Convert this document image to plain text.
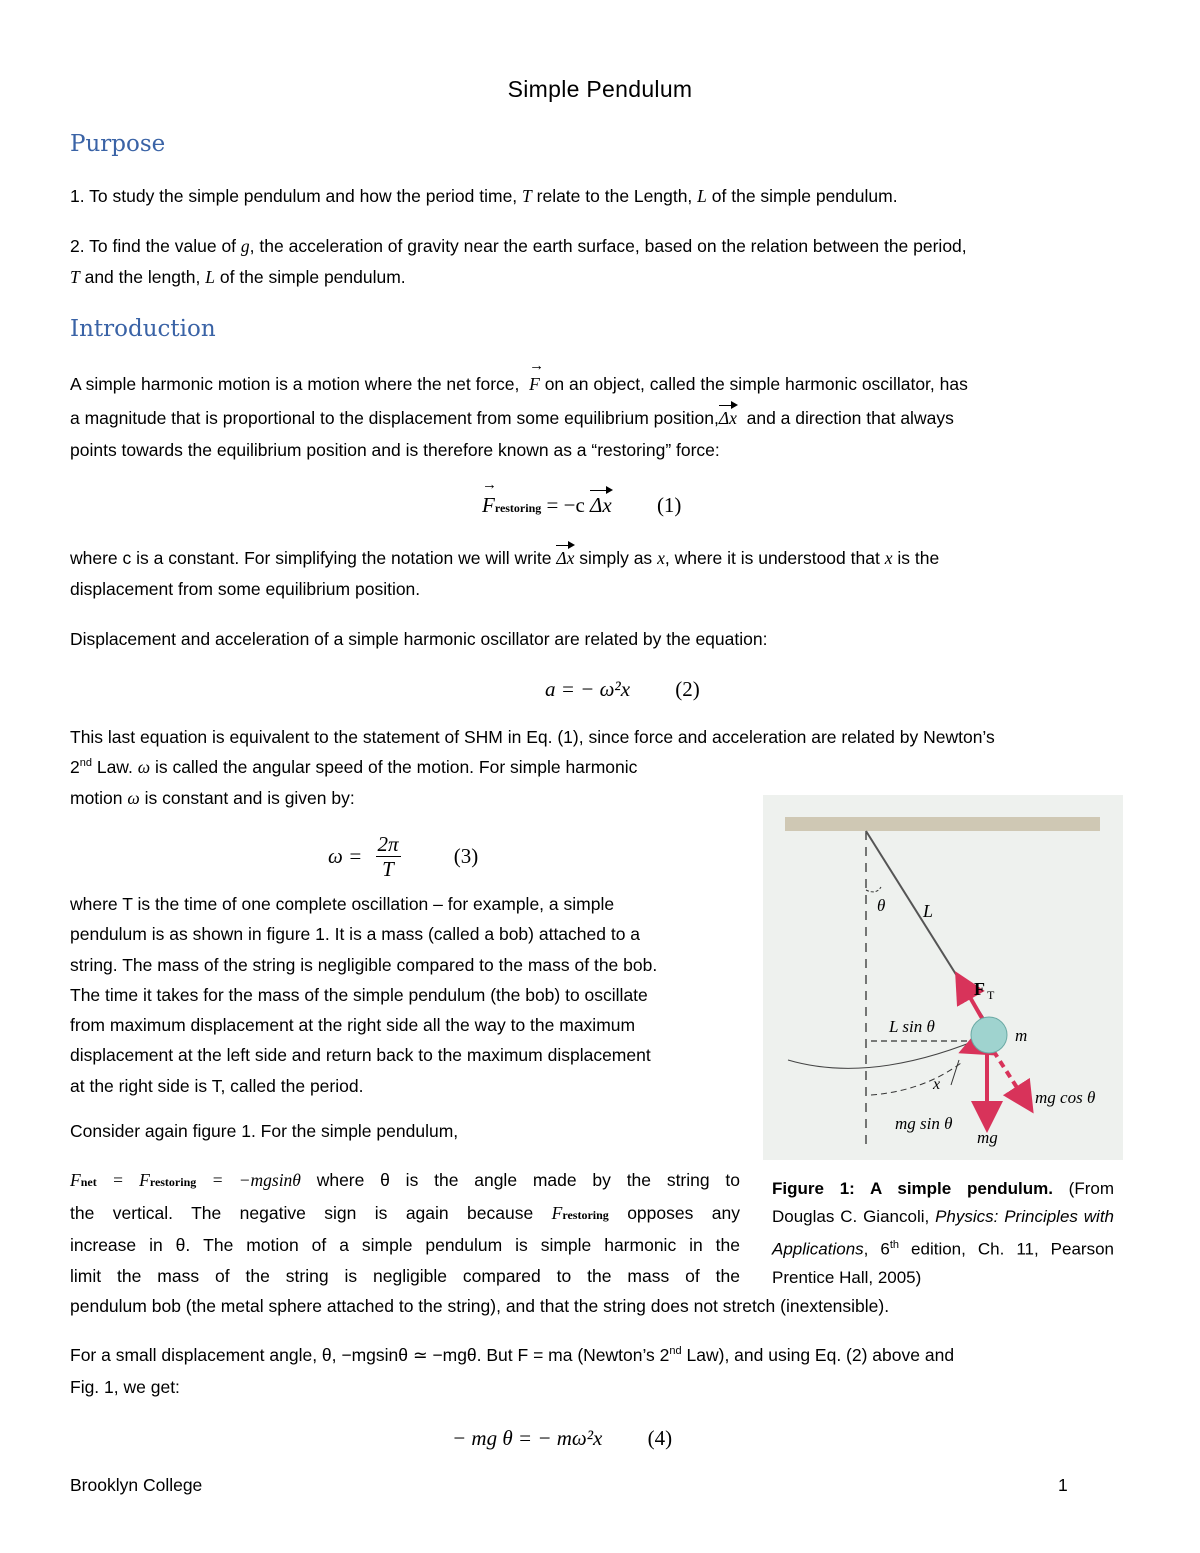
Simple Pendulum
Purpose
1. To study the simple pendulum and how the period time, T relate to the Length, L of the simple pendulum.
2. To find the value of g, the acceleration of gravity near the earth surface, based on the relation between the period,
T and the length, L of the simple pendulum.
Introduction
A simple harmonic motion is a motion where the net force,  → F on an object, called the simple harmonic oscillator, has
a magnitude that is proportional to the displacement from some equilibrium position,Δx and a direction that always
points towards the equilibrium position and is therefore known as a “restoring” force:
→ Frestoring = −c Δx (1)
where c is a constant. For simplifying the notation we will write Δx simply as x, where it is understood that x is the
displacement from some equilibrium position.
Displacement and acceleration of a simple harmonic oscillator are related by the equation:
a = − ω²x (2)
This last equation is equivalent to the statement of SHM in Eq. (1), since force and acceleration are related by Newton’s
2nd Law. ω is called the angular speed of the motion. For simple harmonic
motion ω is constant and is given by:
$\omega = \frac{2\pi}{T}$	(3)
where T is the time of one complete oscillation – for example, a simple
pendulum is as shown in figure 1. It is a mass (called a bob) attached to a
string. The mass of the string is negligible compared to the mass of the bob.
The time it takes for the mass of the simple pendulum (the bob) to oscillate
from maximum displacement at the right side all the way to the maximum
displacement at the left side and return back to the maximum displacement
at the right side is T, called the period.
Consider again figure 1. For the simple pendulum,
Fnet = Frestoring = −mgsinθ where θ is the angle made by the string to
the vertical. The negative sign is again because Frestoring opposes any
increase in θ. The motion of a simple pendulum is simple harmonic in the
limit the mass of the string is negligible compared to the mass of the
pendulum bob (the metal sphere attached to the string), and that the string does not stretch (inextensible).
For a small displacement angle, θ, −mgsinθ ≃ −mgθ. But F = ma (Newton’s 2nd Law), and using Eq. (2) above and
Fig. 1, we get:
− mg θ = − mω²x (4)
θ L
F T
L sin θ	m
x
mg cos θ
mg sin θ
mg
Figure 1: A simple pendulum. (From Douglas C. Giancoli, Physics: Principles with Applications, 6th edition, Ch. 11, Pearson Prentice Hall, 2005)
Brooklyn College	1
